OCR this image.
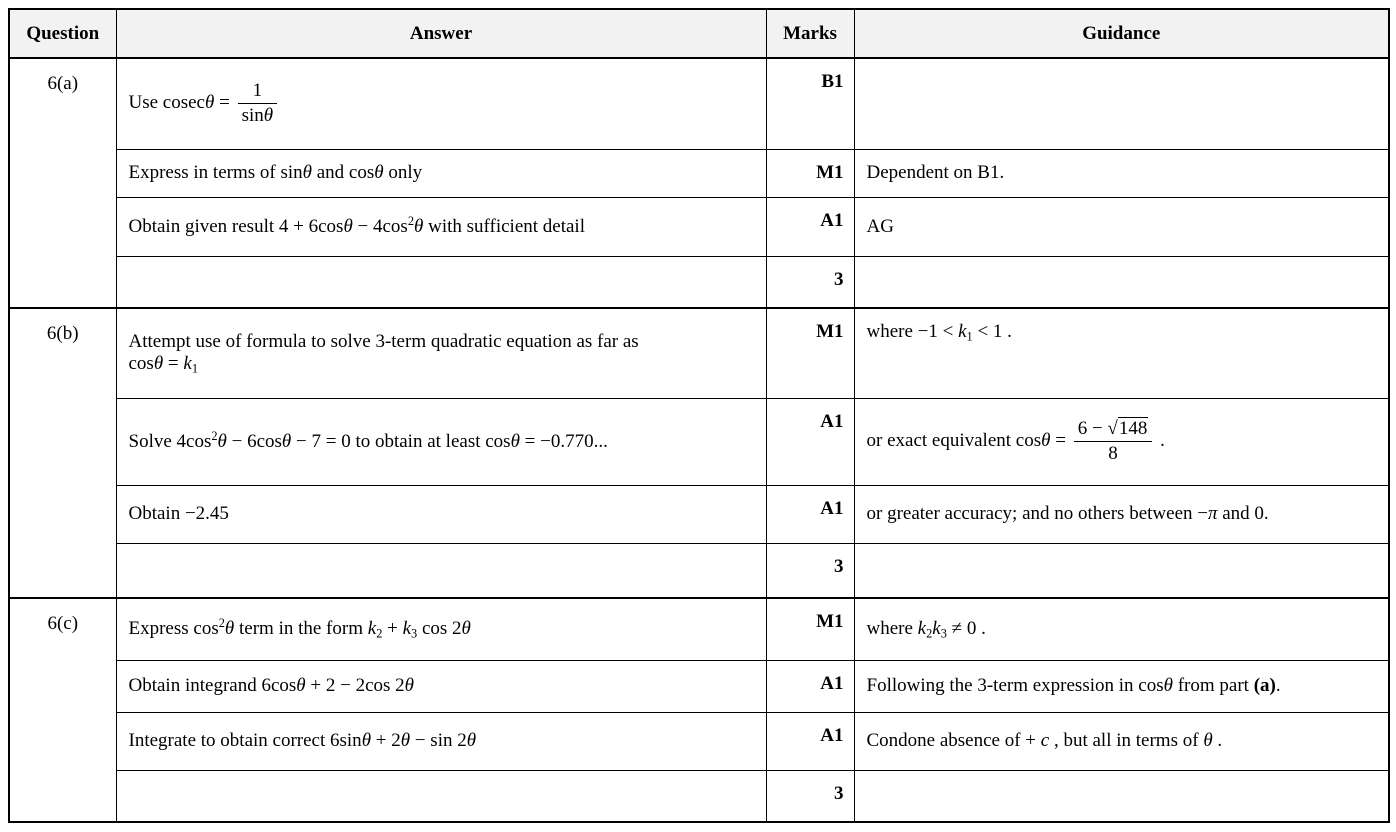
Question	Answer	Marks	Guidance
6(a)	Use $cosec\theta = \frac{1}{\sin\theta}$	B1	
	Express in terms of sinθ and cosθ only	M1	Dependent on B1.
	Obtain given result $4 + 6\cos\theta - 4\cos^2\theta$ with sufficient detail	A1	AG
		3	
6(b)	Attempt use of formula to solve 3-term quadratic equation as far as
$\cos\theta = k_1$	M1	where $-1 < k_1 < 1$ .
	Solve $4\cos^2\theta - 6\cos\theta - 7 = 0$ to obtain at least cosθ = −0.770...	A1	or exact equivalent $\cos\theta = \frac{6 - √148}{8}$ .
	Obtain −2.45	A1	or greater accuracy; and no others between −π and 0.
		3	
6(c)	Express $\cos^2\theta$ term in the form $k_2 + k_3$ cos 2θ	M1	where $k_2k_3 \ne 0$ .
	Obtain integrand 6cosθ + 2 − 2cos 2θ	A1	Following the 3-term expression in cosθ from part (a).
	Integrate to obtain correct 6sinθ + 2θ − sin 2θ	A1	Condone absence of + c , but all in terms of θ .
		3	
